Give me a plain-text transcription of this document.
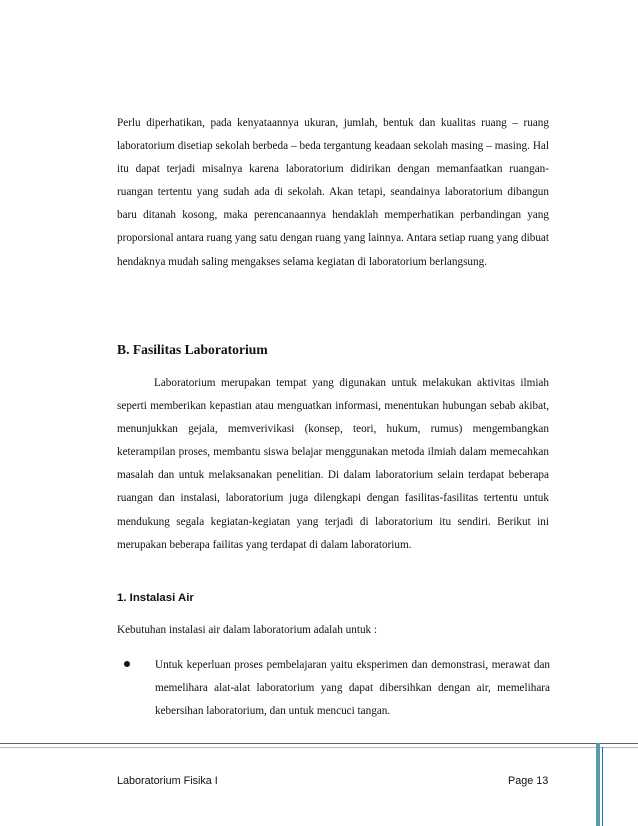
Perlu diperhatikan, pada kenyataannya ukuran, jumlah, bentuk dan kualitas ruang – ruang laboratorium disetiap sekolah berbeda – beda tergantung keadaan sekolah masing – masing. Hal itu dapat terjadi misalnya karena laboratorium didirikan dengan memanfaatkan ruangan-ruangan tertentu yang sudah ada di sekolah. Akan tetapi, seandainya laboratorium dibangun baru ditanah kosong, maka perencanaannya hendaklah memperhatikan perbandingan yang proporsional antara ruang yang satu dengan ruang yang lainnya. Antara setiap ruang yang dibuat hendaknya mudah saling mengakses selama kegiatan di laboratorium berlangsung.

B. Fasilitas Laboratorium

Laboratorium merupakan tempat yang digunakan untuk melakukan aktivitas ilmiah seperti memberikan kepastian atau menguatkan informasi, menentukan hubungan sebab akibat, menunjukkan gejala, memverivikasi (konsep, teori, hukum, rumus) mengembangkan keterampilan proses, membantu siswa belajar menggunakan metoda ilmiah dalam memecahkan masalah dan untuk melaksanakan penelitian. Di dalam laboratorium selain terdapat beberapa ruangan dan instalasi, laboratorium juga dilengkapi dengan fasilitas-fasilitas tertentu untuk mendukung segala kegiatan-kegiatan yang terjadi di laboratorium itu sendiri. Berikut ini merupakan beberapa failitas yang terdapat di dalam laboratorium.

1. Instalasi Air
Kebutuhan instalasi air dalam laboratorium adalah untuk :
Untuk keperluan proses pembelajaran yaitu eksperimen dan demonstrasi, merawat dan memelihara alat-alat laboratorium yang dapat dibersihkan dengan air, memelihara kebersihan laboratorium, dan untuk mencuci tangan.
Laboratorium Fisika I	Page 13
